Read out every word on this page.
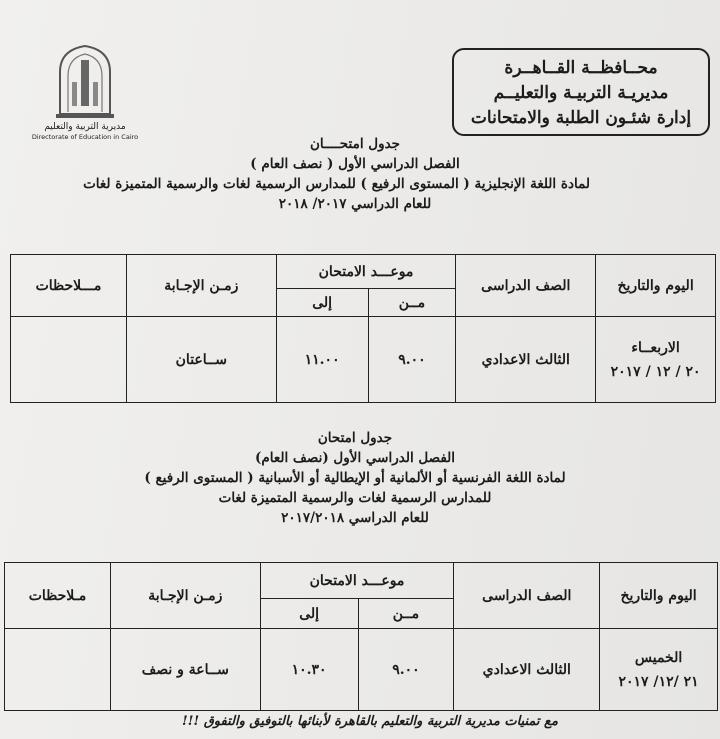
محــافظــة القــاهــرة
مديريـة التربيـة والتعليــم
إدارة شئـون الطلبة والامتحانات
مديرية التربية والتعليم
Directorate of Education in Cairo	جدول امتحــــان
الفصل الدراسي الأول ( نصف العام )
لمادة اللغة الإنجليزية ( المستوى الرفيع ) للمدارس الرسمية لغات والرسمية المتميزة لغات
للعام الدراسي ٢٠١٧/ ٢٠١٨
اليوم والتاريخ	الصف الدراسى	موعـــد الامتحان		زمـن الإجـابة	مـــلاحظات
		مــن	إلى		

الاربعــاء
٢٠ / ١٢ / ٢٠١٧	الثالث الاعدادي	٩.٠٠	١١.٠٠	ســاعتان	
جدول امتحان
الفصل الدراسي الأول (نصف العام)
لمادة اللغة الفرنسية أو الألمانية أو الإيطالية أو الأسبانية ( المستوى الرفيع )
للمدارس الرسمية لغات والرسمية المتميزة لغات
للعام الدراسي ٢٠١٧/٢٠١٨
اليوم والتاريخ	الصف الدراسى	موعـــد الامتحان		زمـن الإجـابة	مـلاحظات
		مــن	إلى		

الخميس
٢١ /١٢/ ٢٠١٧	الثالث الاعدادي	٩.٠٠	١٠.٣٠	ســاعة و نصف	
مع تمنيات مديرية التربية والتعليم بالقاهرة لأبنائها بالتوفيق والتفوق !!!
